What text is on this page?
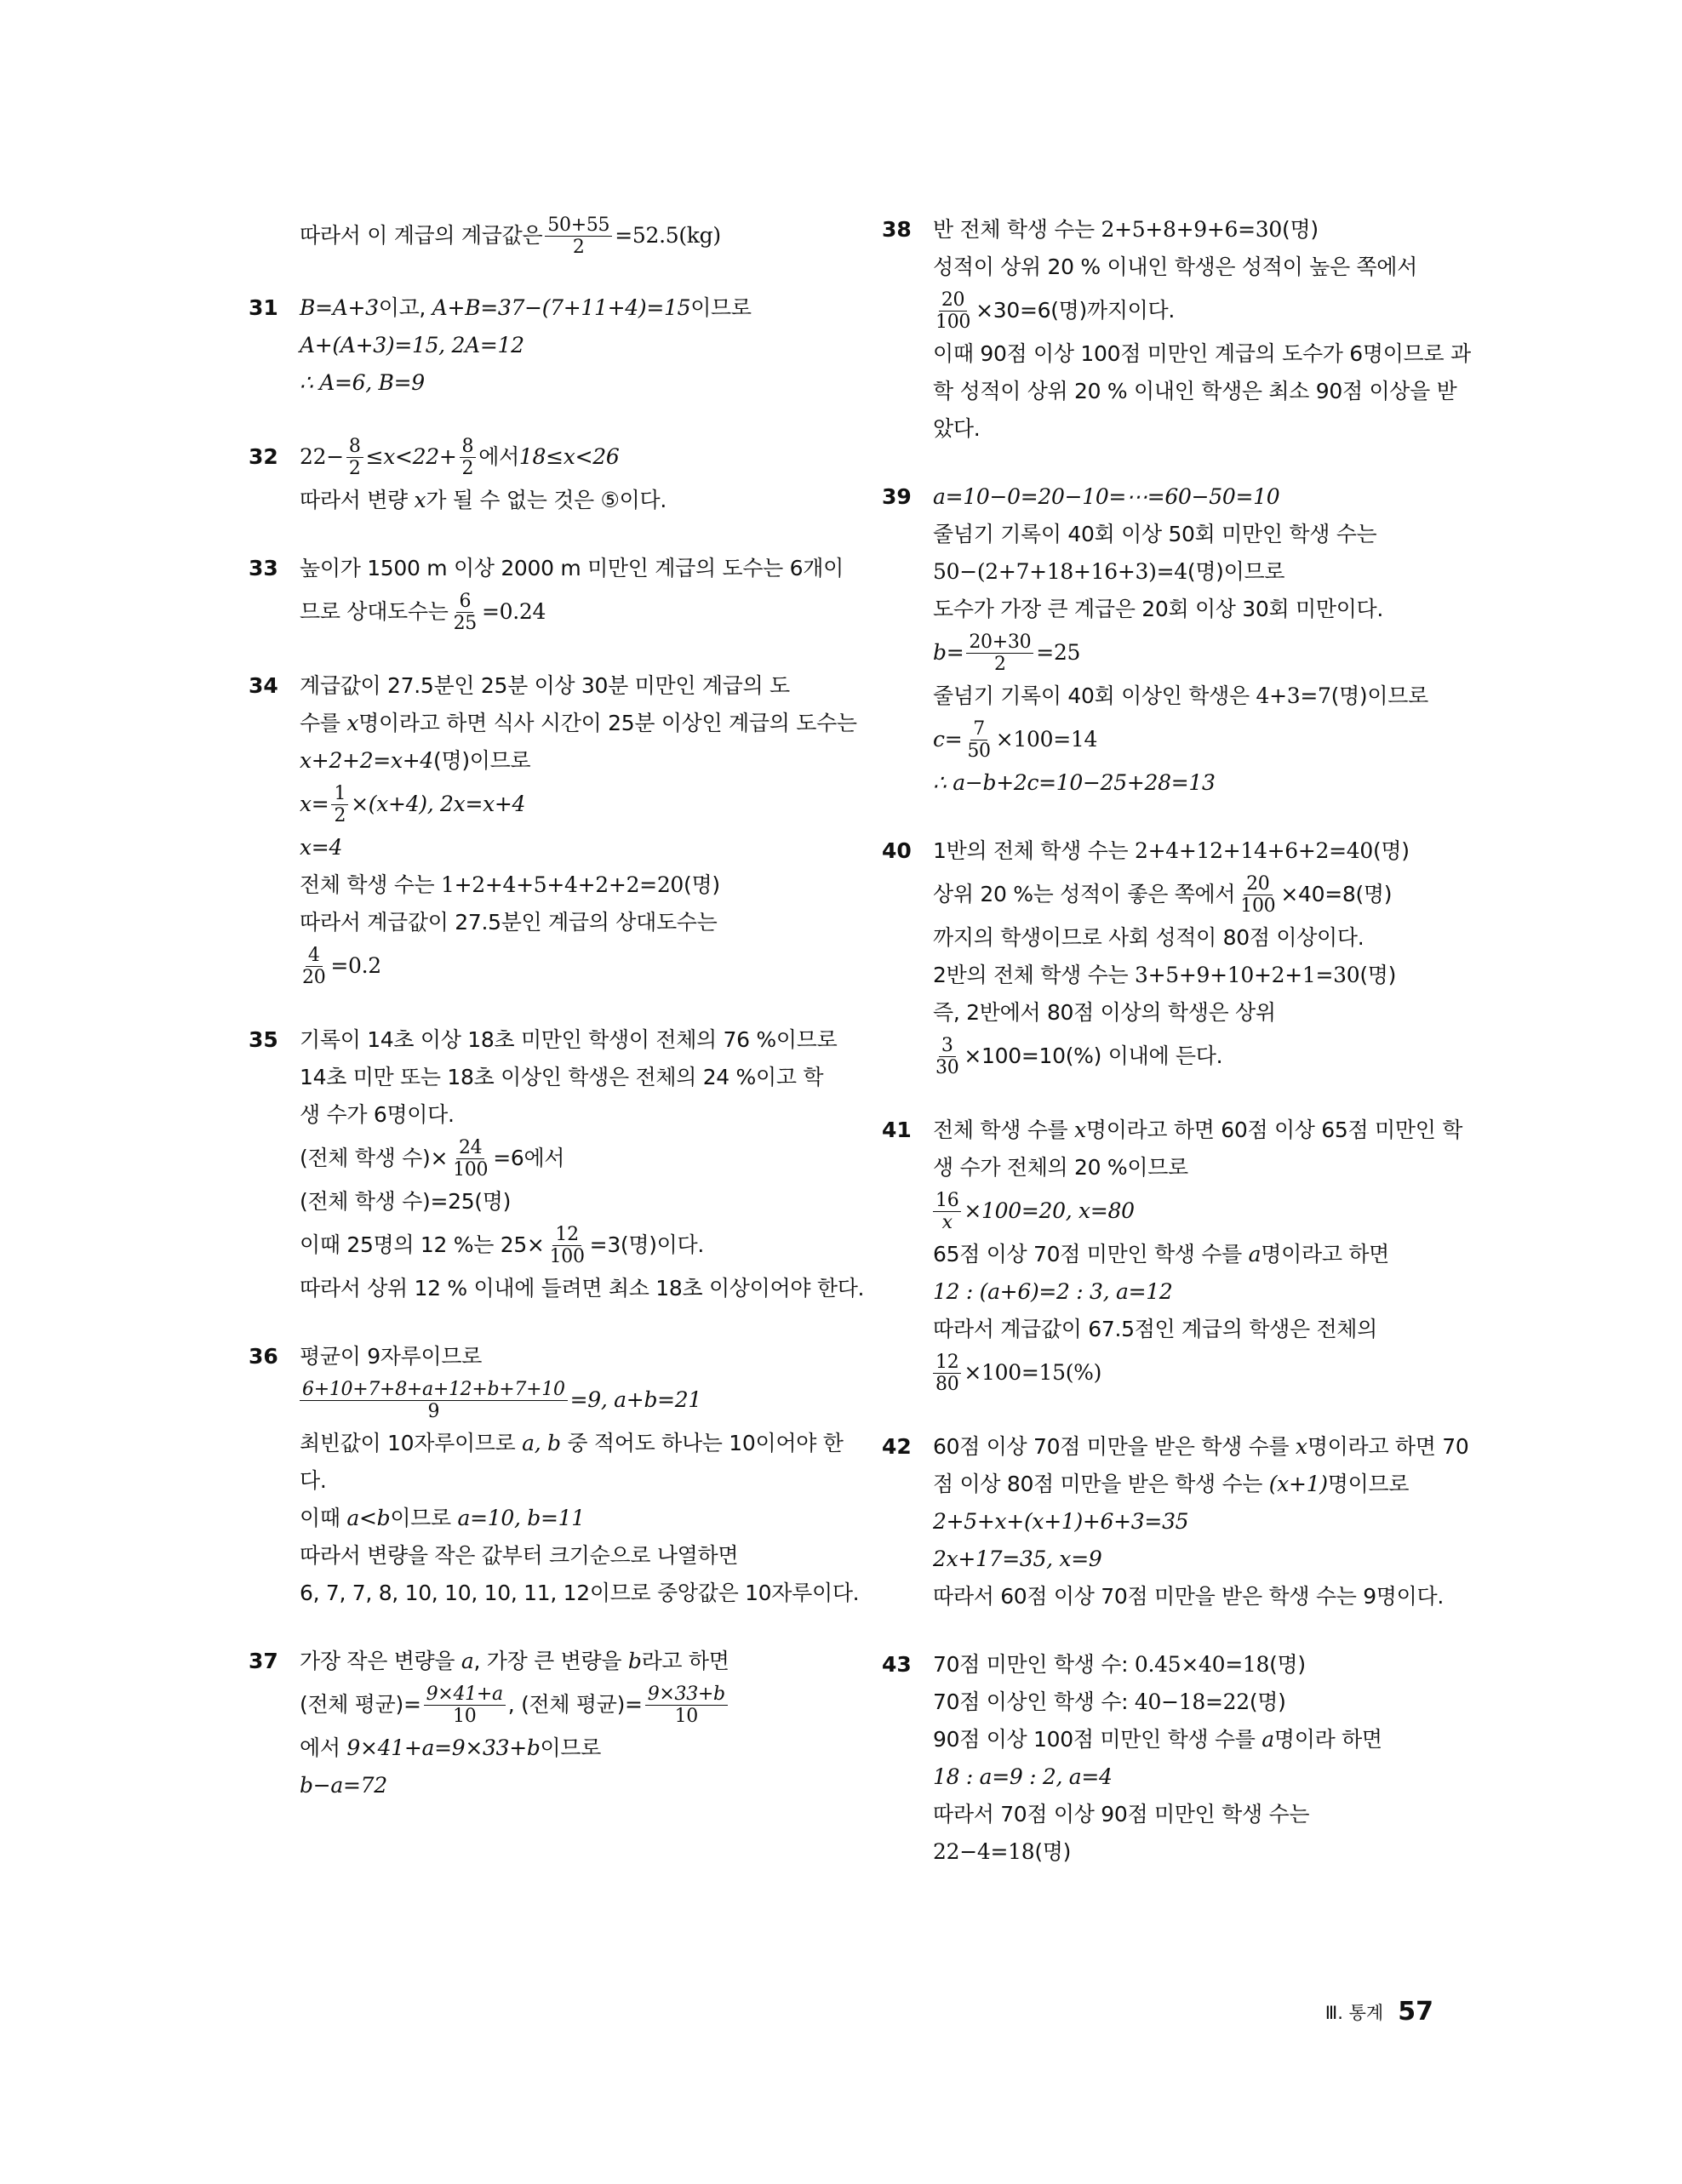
따라서 이 계급의 계급값은 $\frac{50+55}{2} =52.5(kg)$
31 B=A+3이고, A+B=37−(7+11+4)=15이므로
A+(A+3)=15, 2A=12
∴ A=6, B=9
32 $22- \frac{8}{2} \le x<22+ \frac{8}{2}$ 에서 18≤x<26
따라서 변량 x가 될 수 없는 것은 ⑤이다.
33 높이가 1500 m 이상 2000 m 미만인 계급의 도수는 6개이
므로 상대도수는 $\frac{6}{25} =0.24$
34 계급값이 27.5분인 25분 이상 30분 미만인 계급의 도
수를 x명이라고 하면 식사 시간이 25분 이상인 계급의 도수는
x+2+2=x+4(명)이므로
$x= \frac{1}{2} \times(x+4)$, 2x=x+4
x=4
전체 학생 수는 1+2+4+5+4+2+2=20(명)
따라서 계급값이 27.5분인 계급의 상대도수는
$\frac{4}{20} =0.2$
35 기록이 14초 이상 18초 미만인 학생이 전체의 76 %이므로
14초 미만 또는 18초 이상인 학생은 전체의 24 %이고 학
생 수가 6명이다.
(전체 학생 수)× $\frac{24}{100} =6$에서
(전체 학생 수)=25(명)
이때 25명의 12 %는 $25\times \frac{12}{100} =3$(명)이다.
따라서 상위 12 % 이내에 들려면 최소 18초 이상이어야 한다.
36 평균이 9자루이므로
$\frac{6+10+7+8+a+12+b+7+10}{9} =9$, a+b=21
최빈값이 10자루이므로 a, b 중 적어도 하나는 10이어야 한
다.
이때 a<b이므로 a=10, b=11
따라서 변량을 작은 값부터 크기순으로 나열하면
6, 7, 7, 8, 10, 10, 10, 11, 12이므로 중앙값은 10자루이다.
37 가장 작은 변량을 a, 가장 큰 변량을 b라고 하면
(전체 평균)= $\frac{9\times 41+a}{10}$ , (전체 평균)= $\frac{9\times 33+b}{10}$
에서 9×41+a=9×33+b이므로
b−a=72
38 반 전체 학생 수는 2+5+8+9+6=30(명)
성적이 상위 20 % 이내인 학생은 성적이 높은 쪽에서
$\frac{20}{100} \times 30=6$(명)까지이다.
이때 90점 이상 100점 미만인 계급의 도수가 6명이므로 과
학 성적이 상위 20 % 이내인 학생은 최소 90점 이상을 받
았다.
39 a=10−0=20−10=⋯=60−50=10
줄넘기 기록이 40회 이상 50회 미만인 학생 수는
50−(2+7+18+16+3)=4(명)이므로
도수가 가장 큰 계급은 20회 이상 30회 미만이다.
$b= \frac{20+30}{2} =25$
줄넘기 기록이 40회 이상인 학생은 4+3=7(명)이므로
$c= \frac{7}{50} \times 100=14$
∴ a−b+2c=10−25+28=13
40 1반의 전체 학생 수는 2+4+12+14+6+2=40(명)
상위 20 %는 성적이 좋은 쪽에서 $\frac{20}{100} \times 40=8$(명)
까지의 학생이므로 사회 성적이 80점 이상이다.
2반의 전체 학생 수는 3+5+9+10+2+1=30(명)
즉, 2반에서 80점 이상의 학생은 상위
$\frac{3}{30} \times 100=10(\%)$ 이내에 든다.
41 전체 학생 수를 x명이라고 하면 60점 이상 65점 미만인 학
생 수가 전체의 20 %이므로
$\frac{16}{x} \times 100=20$, x=80
65점 이상 70점 미만인 학생 수를 a명이라고 하면
12 : (a+6)=2 : 3, a=12
따라서 계급값이 67.5점인 계급의 학생은 전체의
$\frac{12}{80} \times 100=15(\%)$
42 60점 이상 70점 미만을 받은 학생 수를 x명이라고 하면 70
점 이상 80점 미만을 받은 학생 수는 (x+1)명이므로
2+5+x+(x+1)+6+3=35
2x+17=35, x=9
따라서 60점 이상 70점 미만을 받은 학생 수는 9명이다.
43 70점 미만인 학생 수: 0.45×40=18(명)
70점 이상인 학생 수: 40−18=22(명)
90점 이상 100점 미만인 학생 수를 a명이라 하면
18 : a=9 : 2, a=4
따라서 70점 이상 90점 미만인 학생 수는
22−4=18(명)
Ⅲ. 통계 57
